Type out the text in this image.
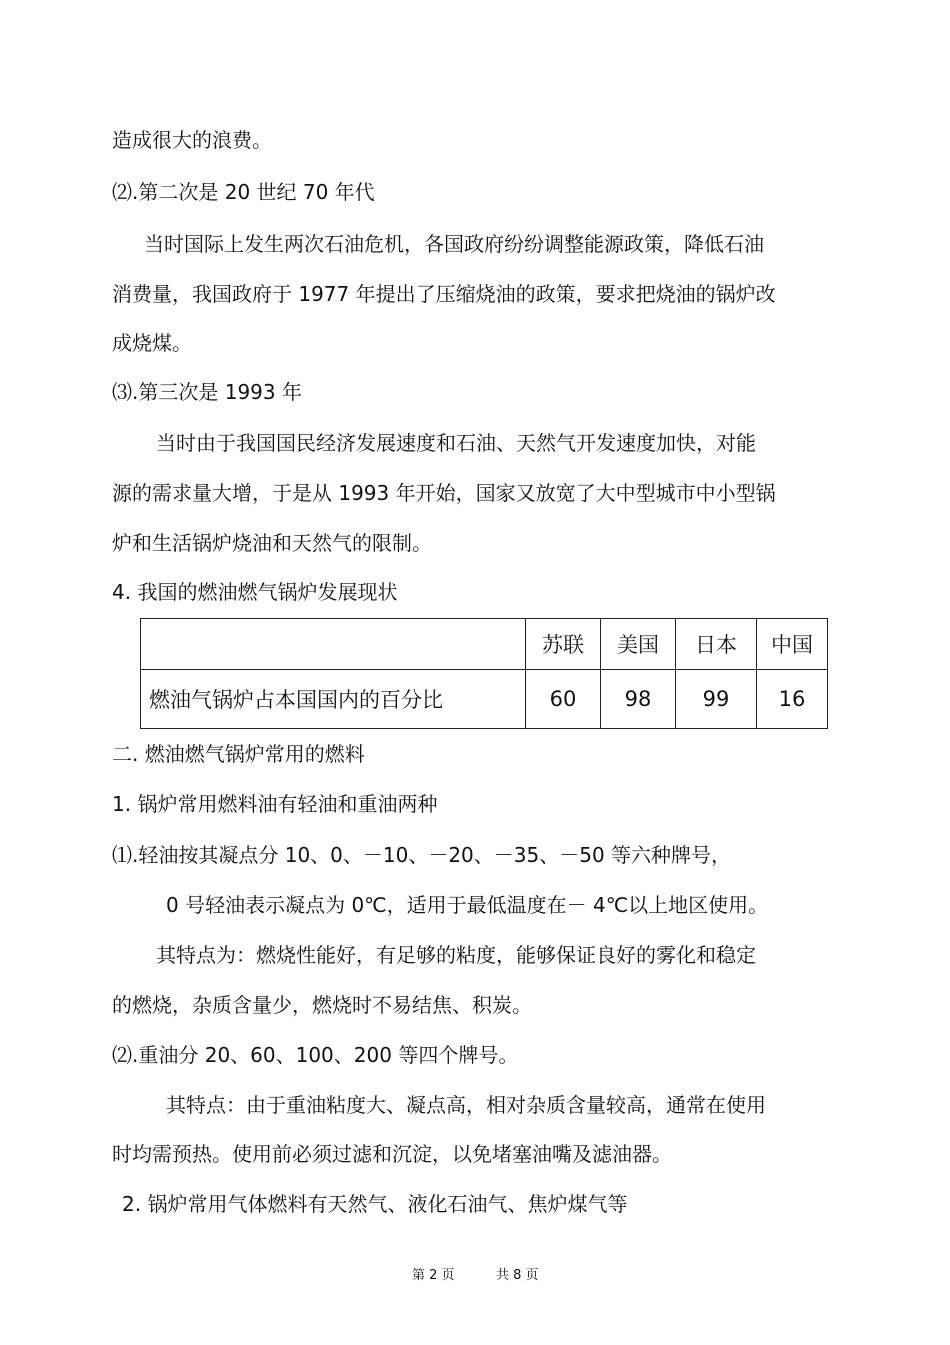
造成很大的浪费。
⑵.第二次是 20 世纪 70 年代
当时国际上发生两次石油危机，各国政府纷纷调整能源政策，降低石油
消费量，我国政府于 1977 年提出了压缩烧油的政策，要求把烧油的锅炉改
成烧煤。
⑶.第三次是 1993 年
当时由于我国国民经济发展速度和石油、天然气开发速度加快，对能
源的需求量大增，于是从 1993 年开始，国家又放宽了大中型城市中小型锅
炉和生活锅炉烧油和天然气的限制。
4. 我国的燃油燃气锅炉发展现状
	苏联	美国	日本	中国
燃油气锅炉占本国国内的百分比	60	98	99	16
二. 燃油燃气锅炉常用的燃料
1. 锅炉常用燃料油有轻油和重油两种
⑴.轻油按其凝点分 10、0、－10、－20、－35、－50 等六种牌号，
0 号轻油表示凝点为 0℃，适用于最低温度在－ 4℃以上地区使用。
其特点为：燃烧性能好，有足够的粘度，能够保证良好的雾化和稳定
的燃烧，杂质含量少，燃烧时不易结焦、积炭。
⑵.重油分 20、60、100、200 等四个牌号。
其特点：由于重油粘度大、凝点高，相对杂质含量较高，通常在使用
时均需预热。使用前必须过滤和沉淀，以免堵塞油嘴及滤油器。
2. 锅炉常用气体燃料有天然气、液化石油气、焦炉煤气等
第 2 页	共 8 页
